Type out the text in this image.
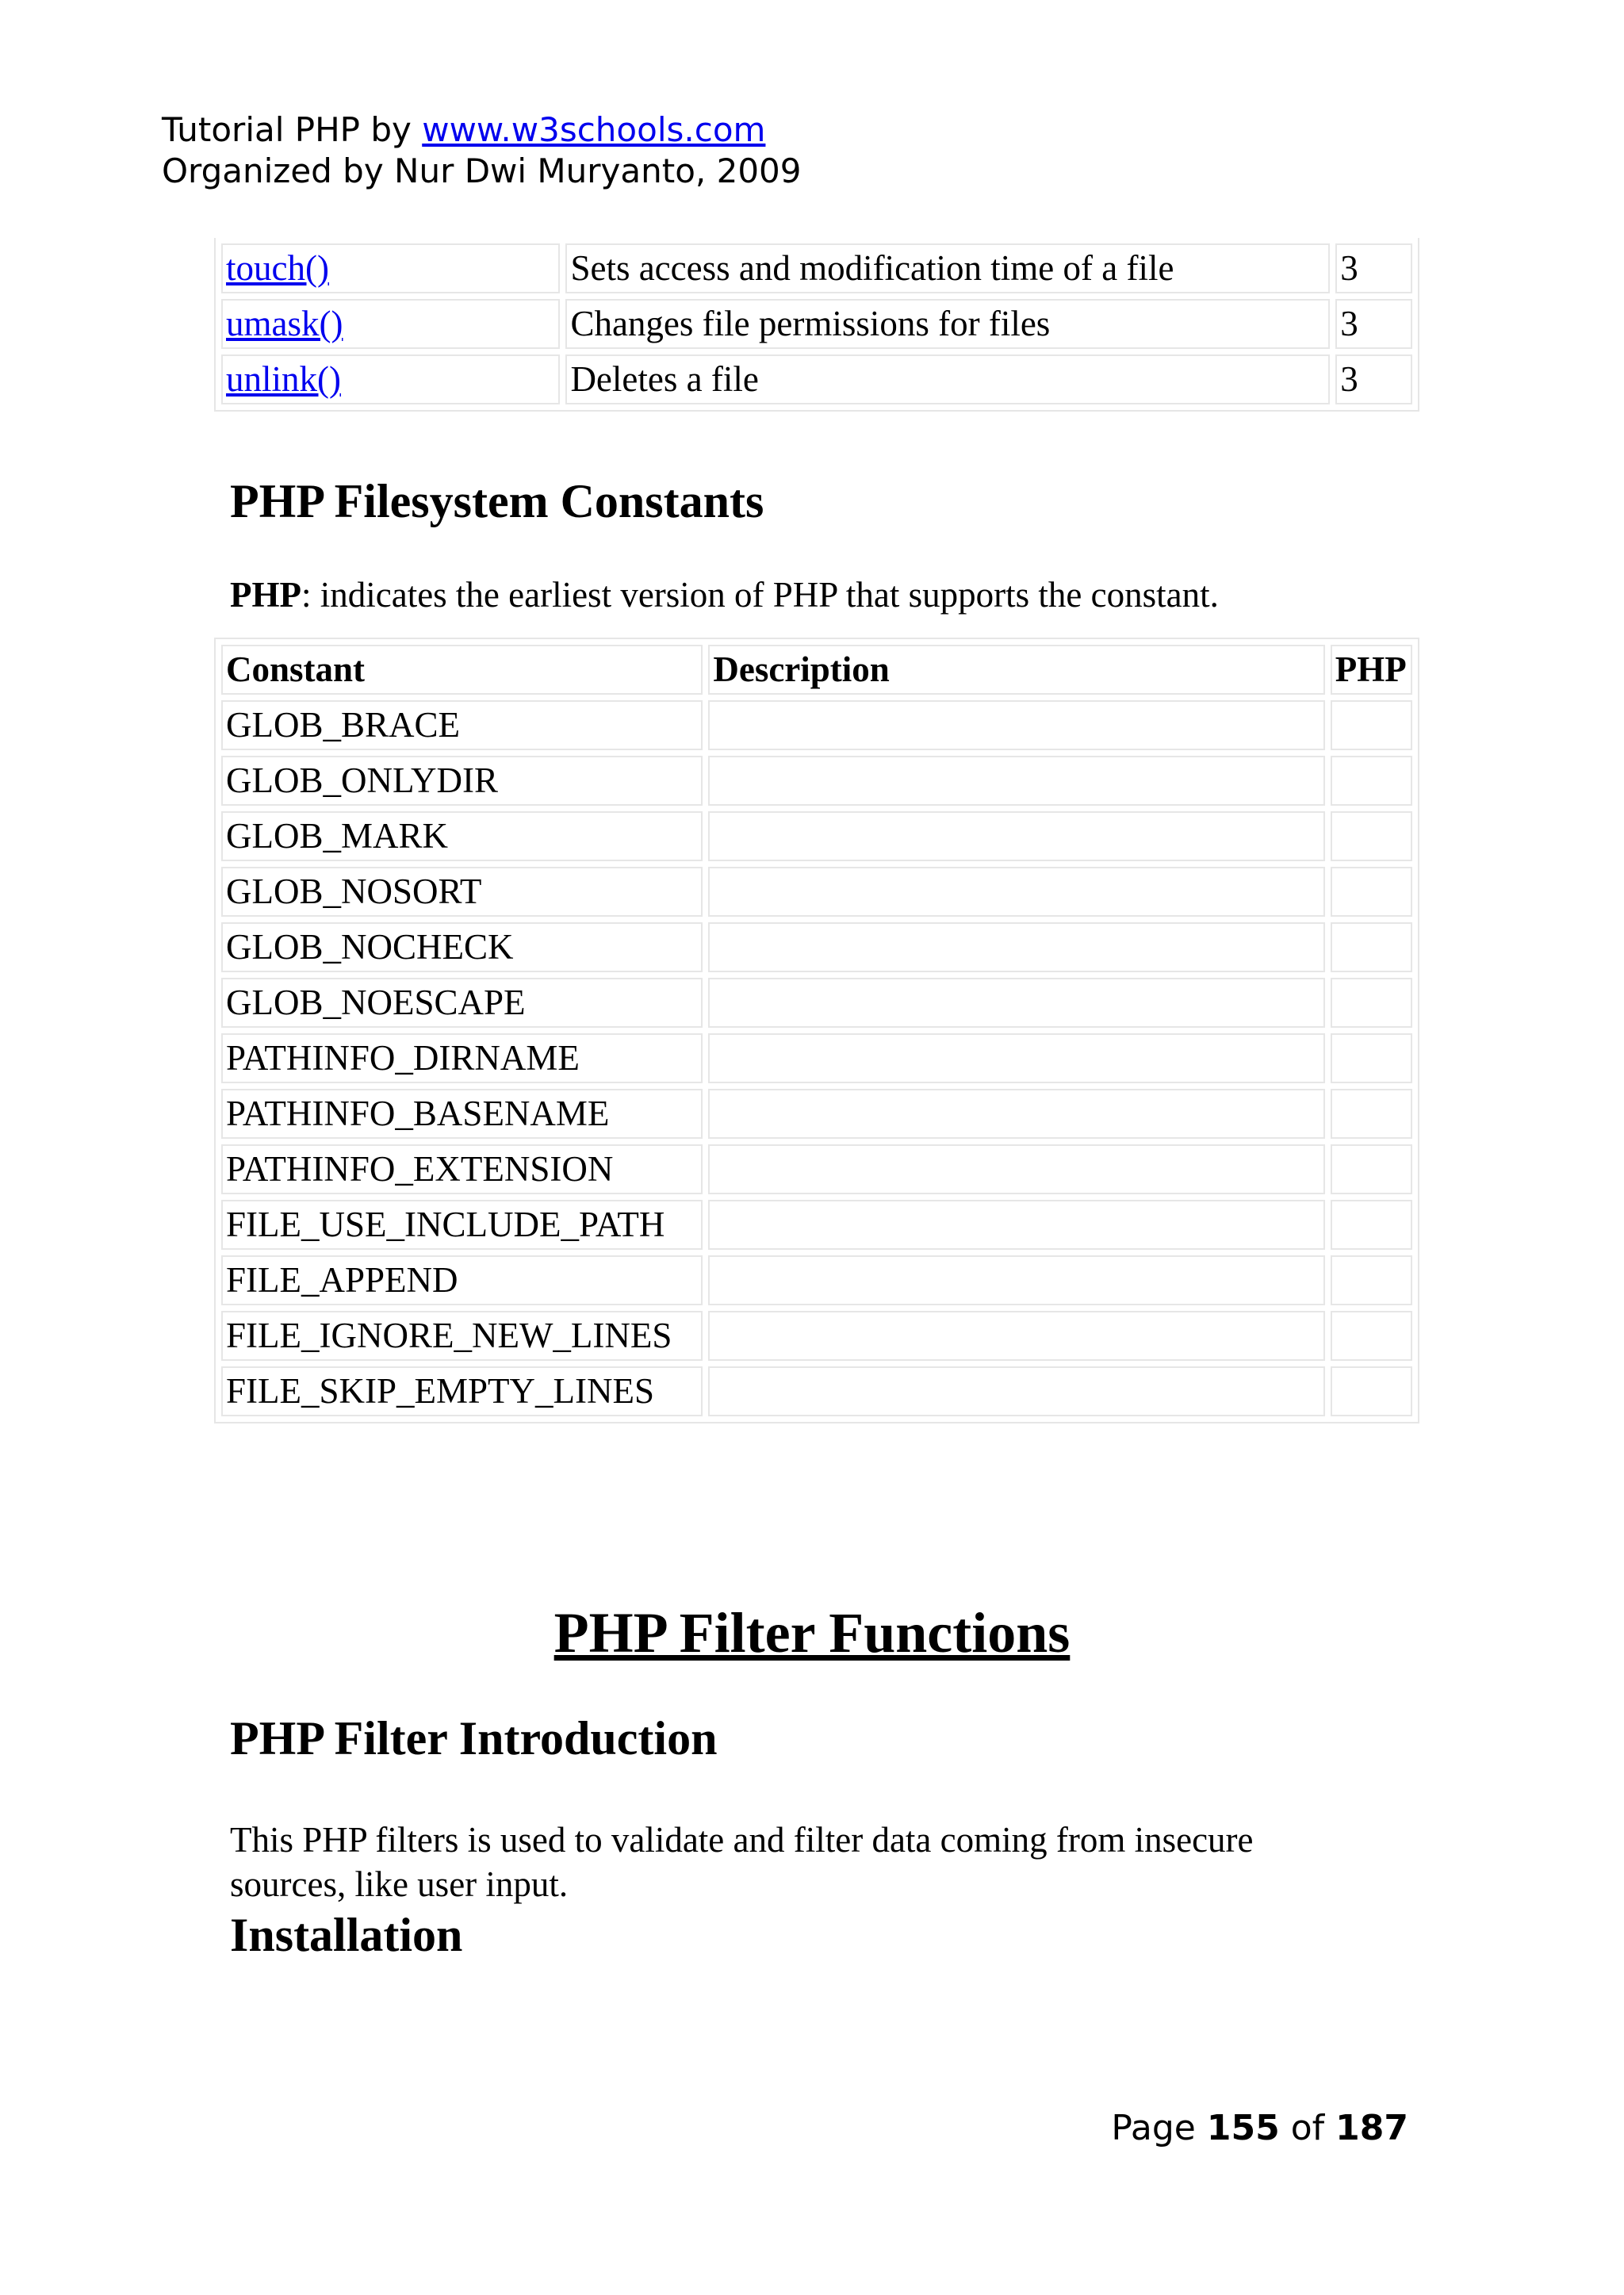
Tutorial PHP by www.w3schools.com
Organized by Nur Dwi Muryanto, 2009
touch()	Sets access and modification time of a file	3
umask()	Changes file permissions for files	3
unlink()	Deletes a file	3
PHP Filesystem Constants

PHP: indicates the earliest version of PHP that supports the constant.

Constant	Description	PHP
GLOB_BRACE		
GLOB_ONLYDIR		
GLOB_MARK		
GLOB_NOSORT		
GLOB_NOCHECK		
GLOB_NOESCAPE		
PATHINFO_DIRNAME		
PATHINFO_BASENAME		
PATHINFO_EXTENSION		
FILE_USE_INCLUDE_PATH		
FILE_APPEND		
FILE_IGNORE_NEW_LINES		
FILE_SKIP_EMPTY_LINES		
PHP Filter Functions
PHP Filter Introduction

This PHP filters is used to validate and filter data coming from insecure sources, like user input.

Installation
Page 155 of 187
